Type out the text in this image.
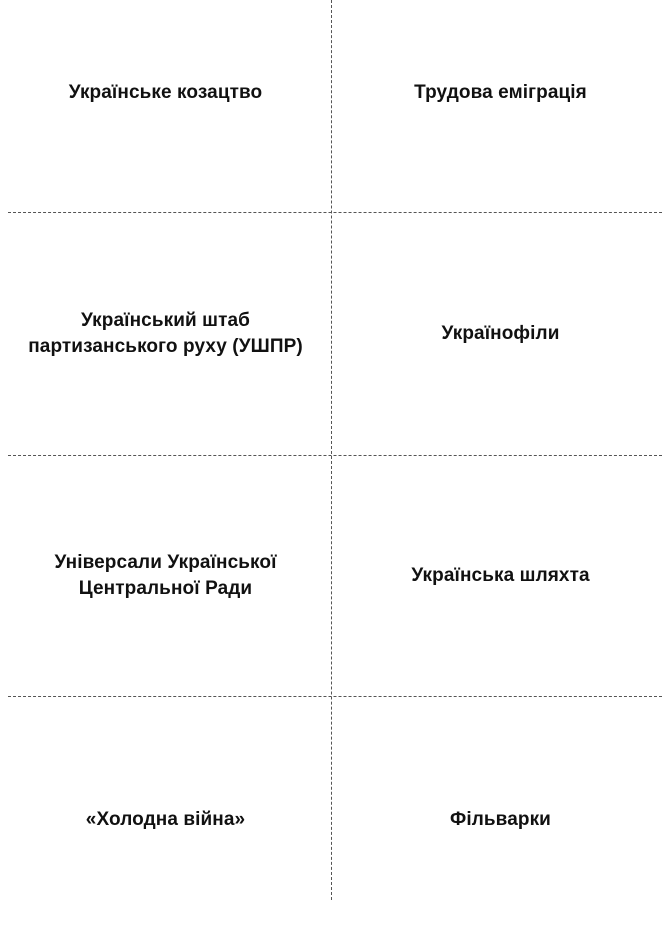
Українське козацтво	Трудова еміграція
Український штаб партизанського руху (УШПР)
Українофіли
Універсали Української Центральної Ради
Українська шляхта
«Холодна війна»	Фільварки
